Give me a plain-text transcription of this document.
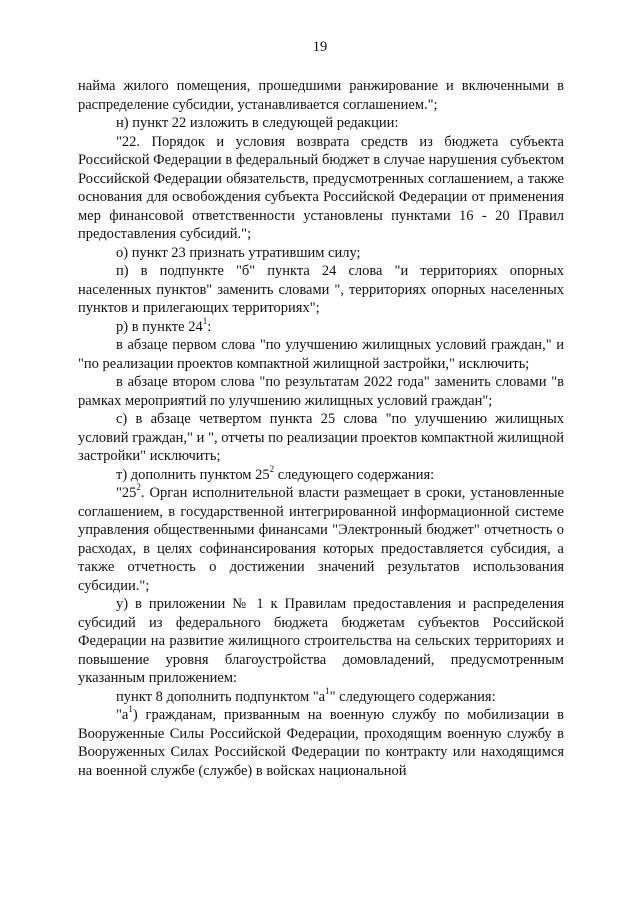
19

найма жилого помещения, прошедшими ранжирование и включенными в распределение субсидии, устанавливается соглашением.";

н) пункт 22 изложить в следующей редакции:

"22. Порядок и условия возврата средств из бюджета субъекта Российской Федерации в федеральный бюджет в случае нарушения субъектом Российской Федерации обязательств, предусмотренных соглашением, а также основания для освобождения субъекта Российской Федерации от применения мер финансовой ответственности установлены пунктами 16 - 20 Правил предоставления субсидий.";

о) пункт 23 признать утратившим силу;

п) в подпункте "б" пункта 24 слова "и территориях опорных населенных пунктов" заменить словами ", территориях опорных населенных пунктов и прилегающих территориях";

р) в пункте $24^1$:

в абзаце первом слова "по улучшению жилищных условий граждан," и "по реализации проектов компактной жилищной застройки," исключить;

в абзаце втором слова "по результатам 2022 года" заменить словами "в рамках мероприятий по улучшению жилищных условий граждан";

с) в абзаце четвертом пункта 25 слова "по улучшению жилищных условий граждан," и ", отчеты по реализации проектов компактной жилищной застройки" исключить;

т) дополнить пунктом $25^2$ следующего содержания:

"$25^2$. Орган исполнительной власти размещает в сроки, установленные соглашением, в государственной интегрированной информационной системе управления общественными финансами "Электронный бюджет" отчетность о расходах, в целях софинансирования которых предоставляется субсидия, а также отчетность о достижении значений результатов использования субсидии.";

у) в приложении № 1 к Правилам предоставления и распределения субсидий из федерального бюджета бюджетам субъектов Российской Федерации на развитие жилищного строительства на сельских территориях и повышение уровня благоустройства домовладений, предусмотренным указанным приложением:

пункт 8 дополнить подпунктом "$а^1$" следующего содержания:

"$а^1$) гражданам, призванным на военную службу по мобилизации в Вооруженные Силы Российской Федерации, проходящим военную службу в Вооруженных Силах Российской Федерации по контракту или находящимся на военной службе (службе) в войсках национальной
